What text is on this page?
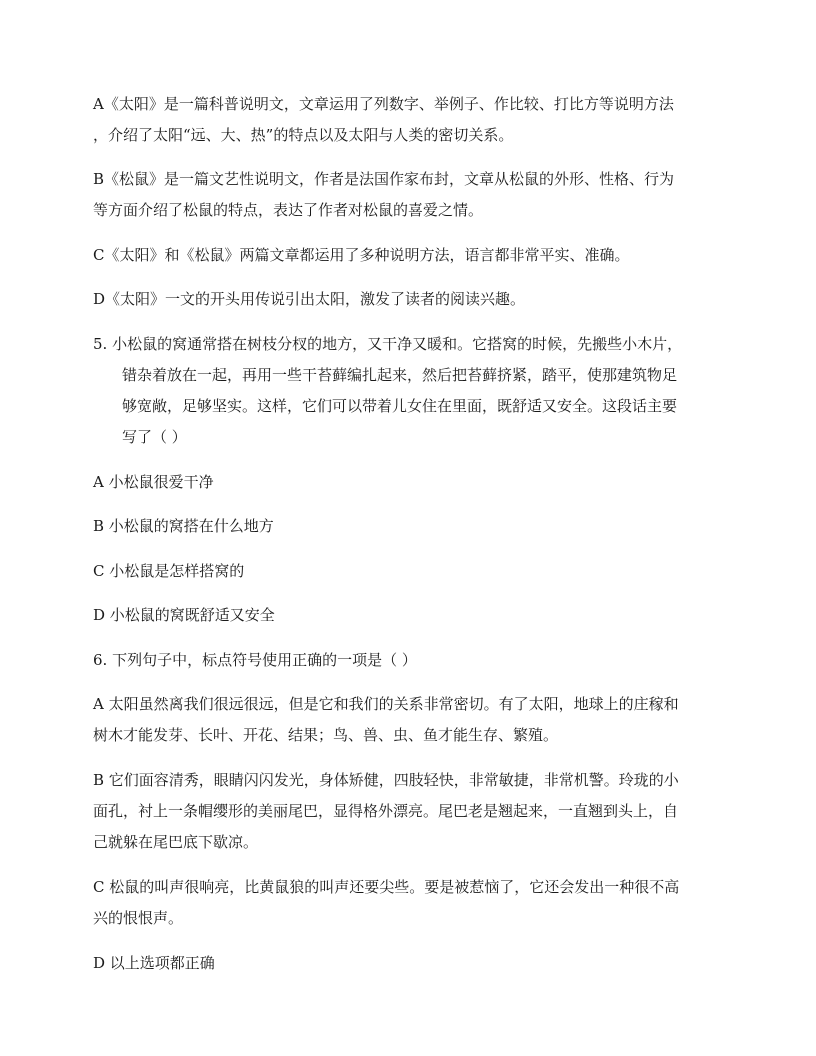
A《太阳》是一篇科普说明文，文章运用了列数字、举例子、作比较、打比方等说明方法
，介绍了太阳“远、大、热”的特点以及太阳与人类的密切关系。

B《松鼠》是一篇文艺性说明文，作者是法国作家布封，文章从松鼠的外形、性格、行为
等方面介绍了松鼠的特点，表达了作者对松鼠的喜爱之情。

C《太阳》和《松鼠》两篇文章都运用了多种说明方法，语言都非常平实、准确。

D《太阳》一文的开头用传说引出太阳，激发了读者的阅读兴趣。

5. 小松鼠的窝通常搭在树枝分杈的地方，又干净又暖和。它搭窝的时候，先搬些小木片，
错杂着放在一起，再用一些干苔藓编扎起来，然后把苔藓挤紧，踏平，使那建筑物足
够宽敞，足够坚实。这样，它们可以带着儿女住在里面，既舒适又安全。这段话主要
写了（ ）

A 小松鼠很爱干净

B 小松鼠的窝搭在什么地方

C 小松鼠是怎样搭窝的

D 小松鼠的窝既舒适又安全

6. 下列句子中，标点符号使用正确的一项是（ ）

A 太阳虽然离我们很远很远，但是它和我们的关系非常密切。有了太阳，地球上的庄稼和
树木才能发芽、长叶、开花、结果；鸟、兽、虫、鱼才能生存、繁殖。

B 它们面容清秀，眼睛闪闪发光，身体矫健，四肢轻快，非常敏捷，非常机警。玲珑的小
面孔，衬上一条帽缨形的美丽尾巴，显得格外漂亮。尾巴老是翘起来，一直翘到头上，自
己就躲在尾巴底下歇凉。

C 松鼠的叫声很响亮，比黄鼠狼的叫声还要尖些。要是被惹恼了，它还会发出一种很不高
兴的恨恨声。

D 以上选项都正确
